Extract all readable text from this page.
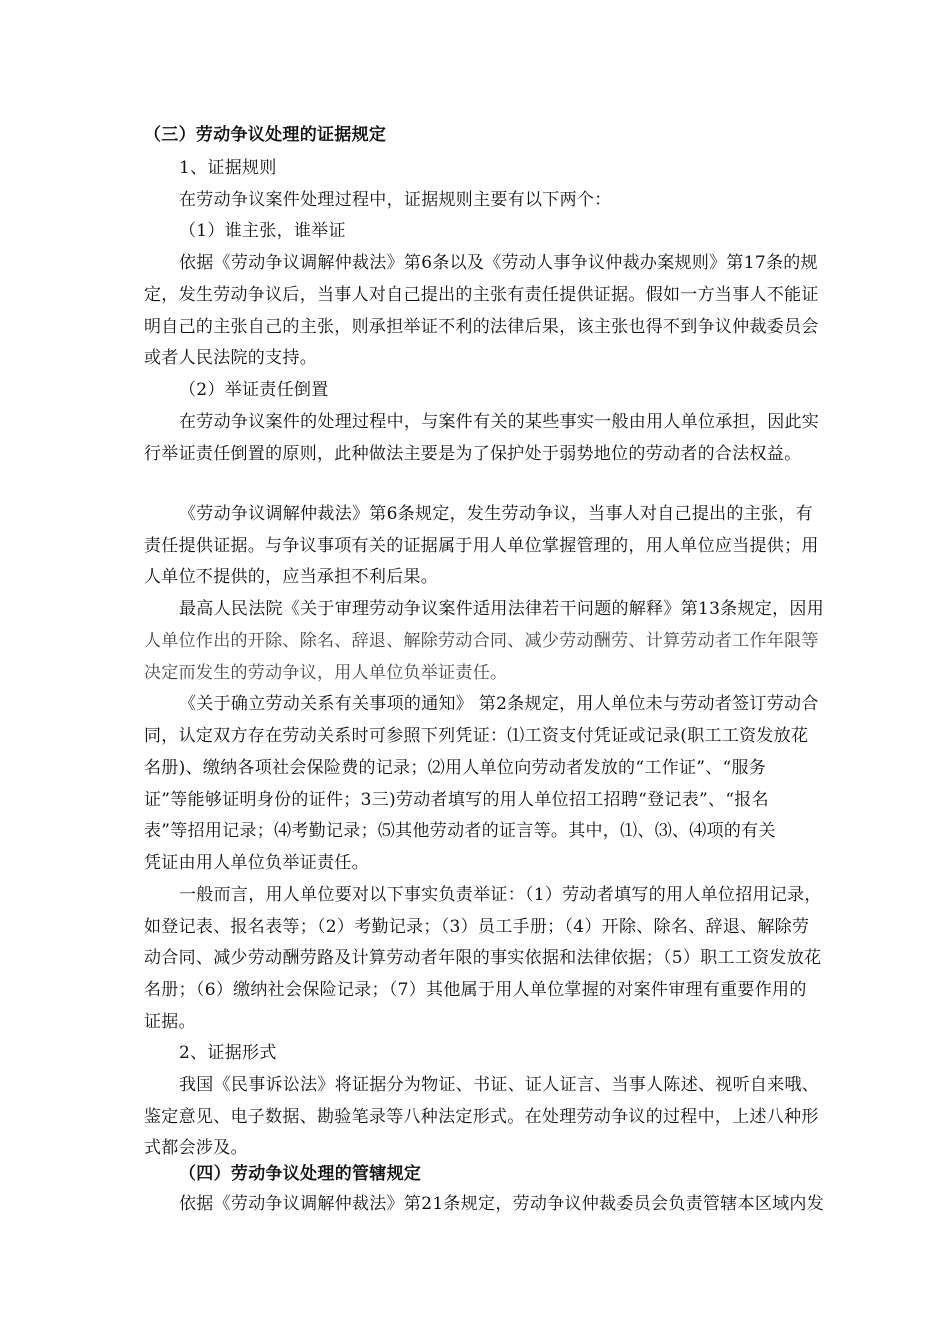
（三）劳动争议处理的证据规定
1、证据规则
在劳动争议案件处理过程中，证据规则主要有以下两个：
（1）谁主张，谁举证
依据《劳动争议调解仲裁法》第6条以及《劳动人事争议仲裁办案规则》第17条的规
定，发生劳动争议后，当事人对自己提出的主张有责任提供证据。假如一方当事人不能证
明自己的主张自己的主张，则承担举证不利的法律后果，该主张也得不到争议仲裁委员会
或者人民法院的支持。
（2）举证责任倒置
在劳动争议案件的处理过程中，与案件有关的某些事实一般由用人单位承担，因此实
行举证责任倒置的原则，此种做法主要是为了保护处于弱势地位的劳动者的合法权益。
《劳动争议调解仲裁法》第6条规定，发生劳动争议，当事人对自己提出的主张，有
责任提供证据。与争议事项有关的证据属于用人单位掌握管理的，用人单位应当提供；用
人单位不提供的，应当承担不利后果。
最高人民法院《关于审理劳动争议案件适用法律若干问题的解释》第13条规定，因用
人单位作出的开除、除名、辞退、解除劳动合同、减少劳动酬劳、计算劳动者工作年限等
决定而发生的劳动争议，用人单位负举证责任。
《关于确立劳动关系有关事项的通知》 第2条规定，用人单位未与劳动者签订劳动合
同，认定双方存在劳动关系时可参照下列凭证：⑴工资支付凭证或记录(职工工资发放花
名册)、缴纳各项社会保险费的记录；⑵用人单位向劳动者发放的“工作证”、“服务
证”等能够证明身份的证件；3三)劳动者填写的用人单位招工招聘“登记表”、“报名
表”等招用记录；⑷考勤记录；⑸其他劳动者的证言等。其中，⑴、⑶、⑷项的有关
凭证由用人单位负举证责任。
一般而言，用人单位要对以下事实负责举证：（1）劳动者填写的用人单位招用记录，
如登记表、报名表等；（2）考勤记录；（3）员工手册；（4）开除、除名、辞退、解除劳
动合同、减少劳动酬劳路及计算劳动者年限的事实依据和法律依据；（5）职工工资发放花
名册；（6）缴纳社会保险记录；（7）其他属于用人单位掌握的对案件审理有重要作用的
证据。
2、证据形式
我国《民事诉讼法》将证据分为物证、书证、证人证言、当事人陈述、视听自来哦、
鉴定意见、电子数据、勘验笔录等八种法定形式。在处理劳动争议的过程中，上述八种形
式都会涉及。
（四）劳动争议处理的管辖规定
依据《劳动争议调解仲裁法》第21条规定，劳动争议仲裁委员会负责管辖本区域内发
